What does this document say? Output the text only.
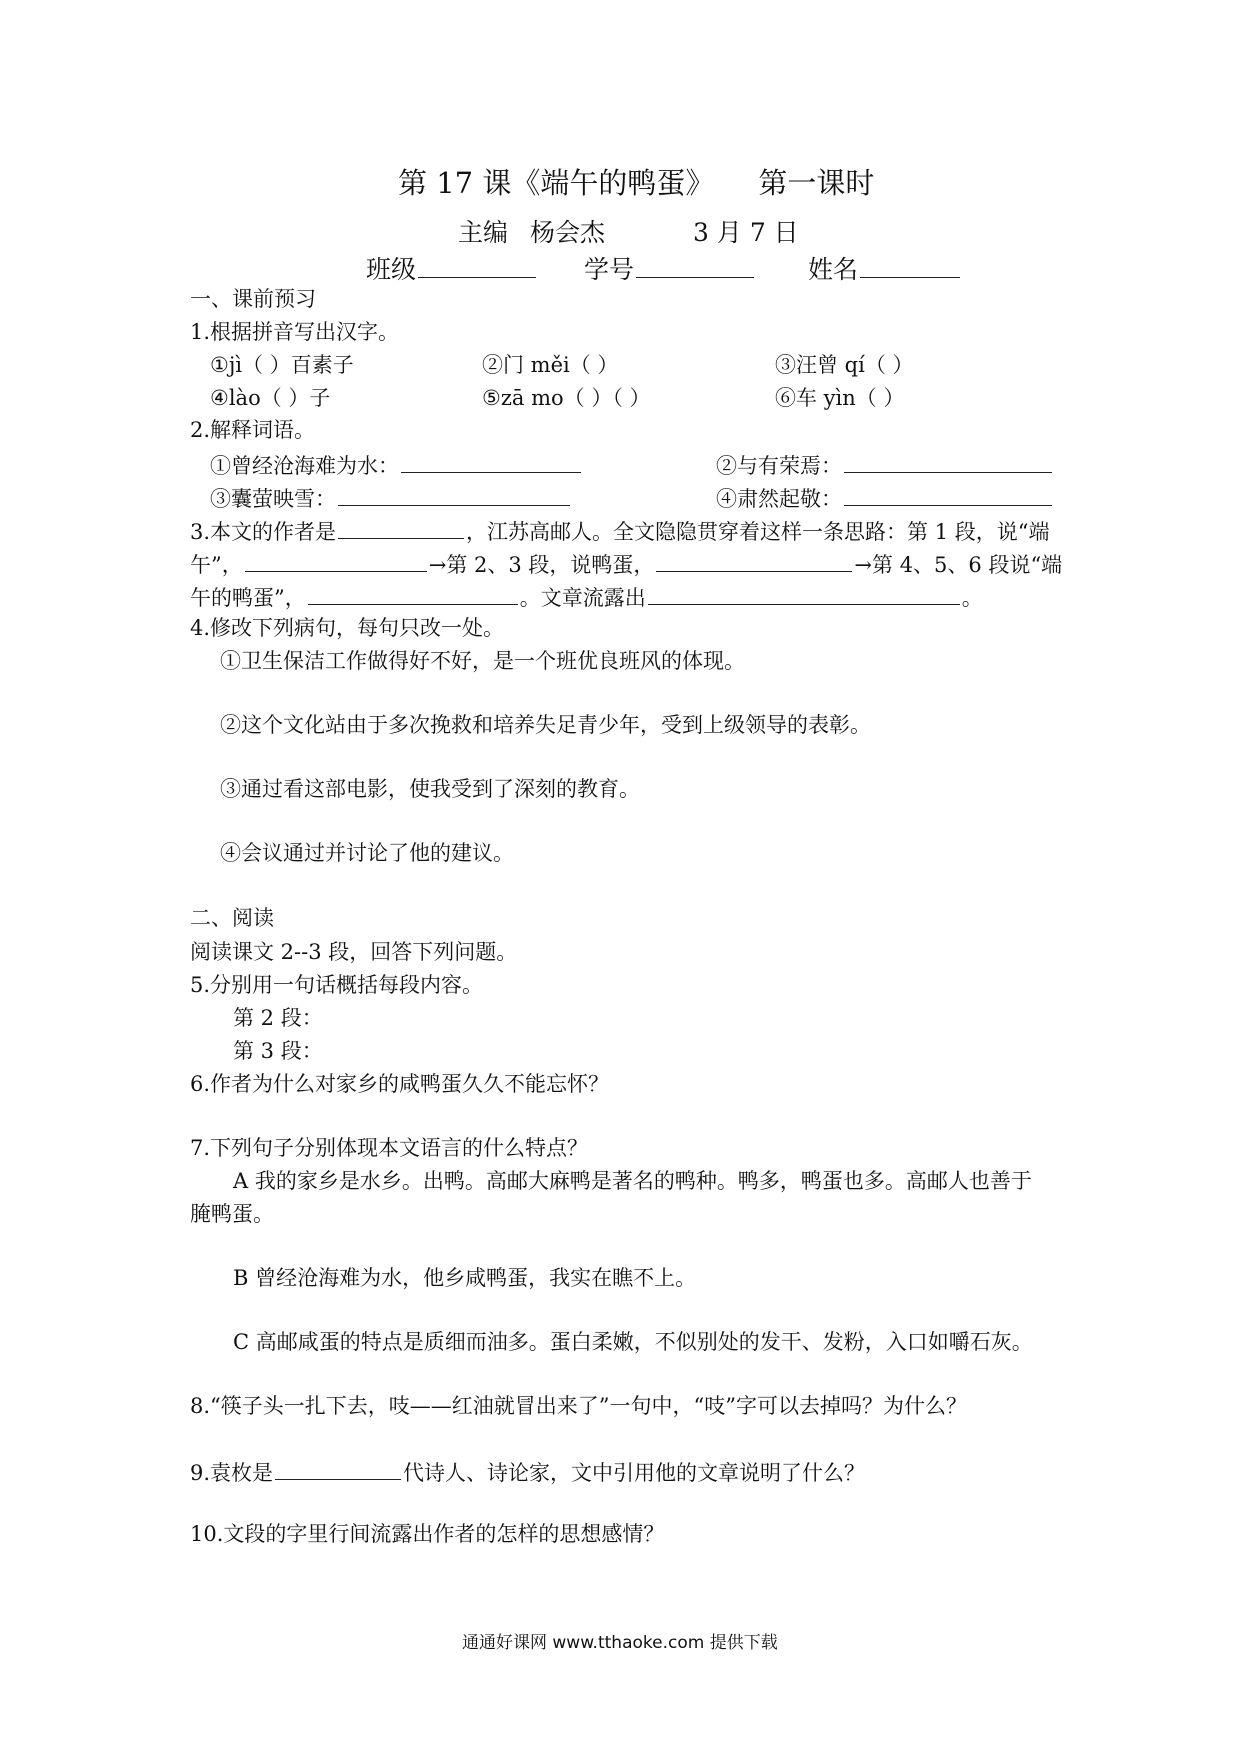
第 17 课《端午的鸭蛋》 第一课时
主编 杨会杰	3 月 7 日
班级	学号	姓名
一、课前预习
1.根据拼音写出汉字。
①jì（ ）百素子	②门 měi（ ）	③汪曾 qí（ ）
④lào（ ）子	⑤zā mo（ ）（ ）	⑥车 yìn（ ）
2.解释词语。
①曾经沧海难为水：	②与有荣焉：
③囊萤映雪：	④肃然起敬：
3.本文的作者是	，江苏高邮人。全文隐隐贯穿着这样一条思路：第 1 段，说“端
午”，	→第 2、3 段，说鸭蛋，	→第 4、5、6 段说“端
午的鸭蛋”，	。文章流露出	。
4.修改下列病句，每句只改一处。
①卫生保洁工作做得好不好，是一个班优良班风的体现。
②这个文化站由于多次挽救和培养失足青少年，受到上级领导的表彰。
③通过看这部电影，使我受到了深刻的教育。
④会议通过并讨论了他的建议。
二、阅读
阅读课文 2--3 段，回答下列问题。
5.分别用一句话概括每段内容。
第 2 段：
第 3 段：
6.作者为什么对家乡的咸鸭蛋久久不能忘怀？
7.下列句子分别体现本文语言的什么特点？
A 我的家乡是水乡。出鸭。高邮大麻鸭是著名的鸭种。鸭多，鸭蛋也多。高邮人也善于
腌鸭蛋。
B 曾经沧海难为水，他乡咸鸭蛋，我实在瞧不上。
C 高邮咸蛋的特点是质细而油多。蛋白柔嫩，不似别处的发干、发粉，入口如嚼石灰。
8.“筷子头一扎下去，吱——红油就冒出来了”一句中，“吱”字可以去掉吗？为什么？
9.袁枚是	代诗人、诗论家，文中引用他的文章说明了什么？
10.文段的字里行间流露出作者的怎样的思想感情？
通通好课网 www.tthaoke.com 提供下载
